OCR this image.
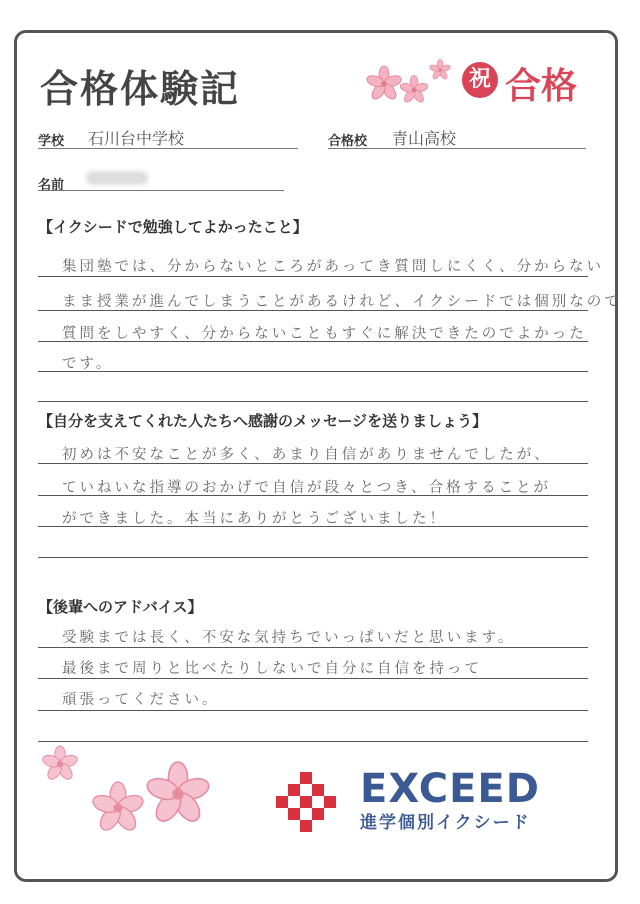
合格体験記	祝 合格
学校 石川台中学校	合格校 青山高校
名前
【イクシードで勉強してよかったこと】
集団塾では、分からないところがあってき質問しにくく、分からない
まま授業が進んでしまうことがあるけれど、イクシードでは個別なので
質問をしやすく、分からないこともすぐに解決できたのでよかった
です。
【自分を支えてくれた人たちへ感謝のメッセージを送りましょう】
初めは不安なことが多く、あまり自信がありませんでしたが、
ていねいな指導のおかげで自信が段々とつき、合格することが
ができました。本当にありがとうございました！
【後輩へのアドバイス】
受験までは長く、不安な気持ちでいっぱいだと思います。
最後まで周りと比べたりしないで自分に自信を持って
頑張ってください。
EXCEED
進学個別イクシード
